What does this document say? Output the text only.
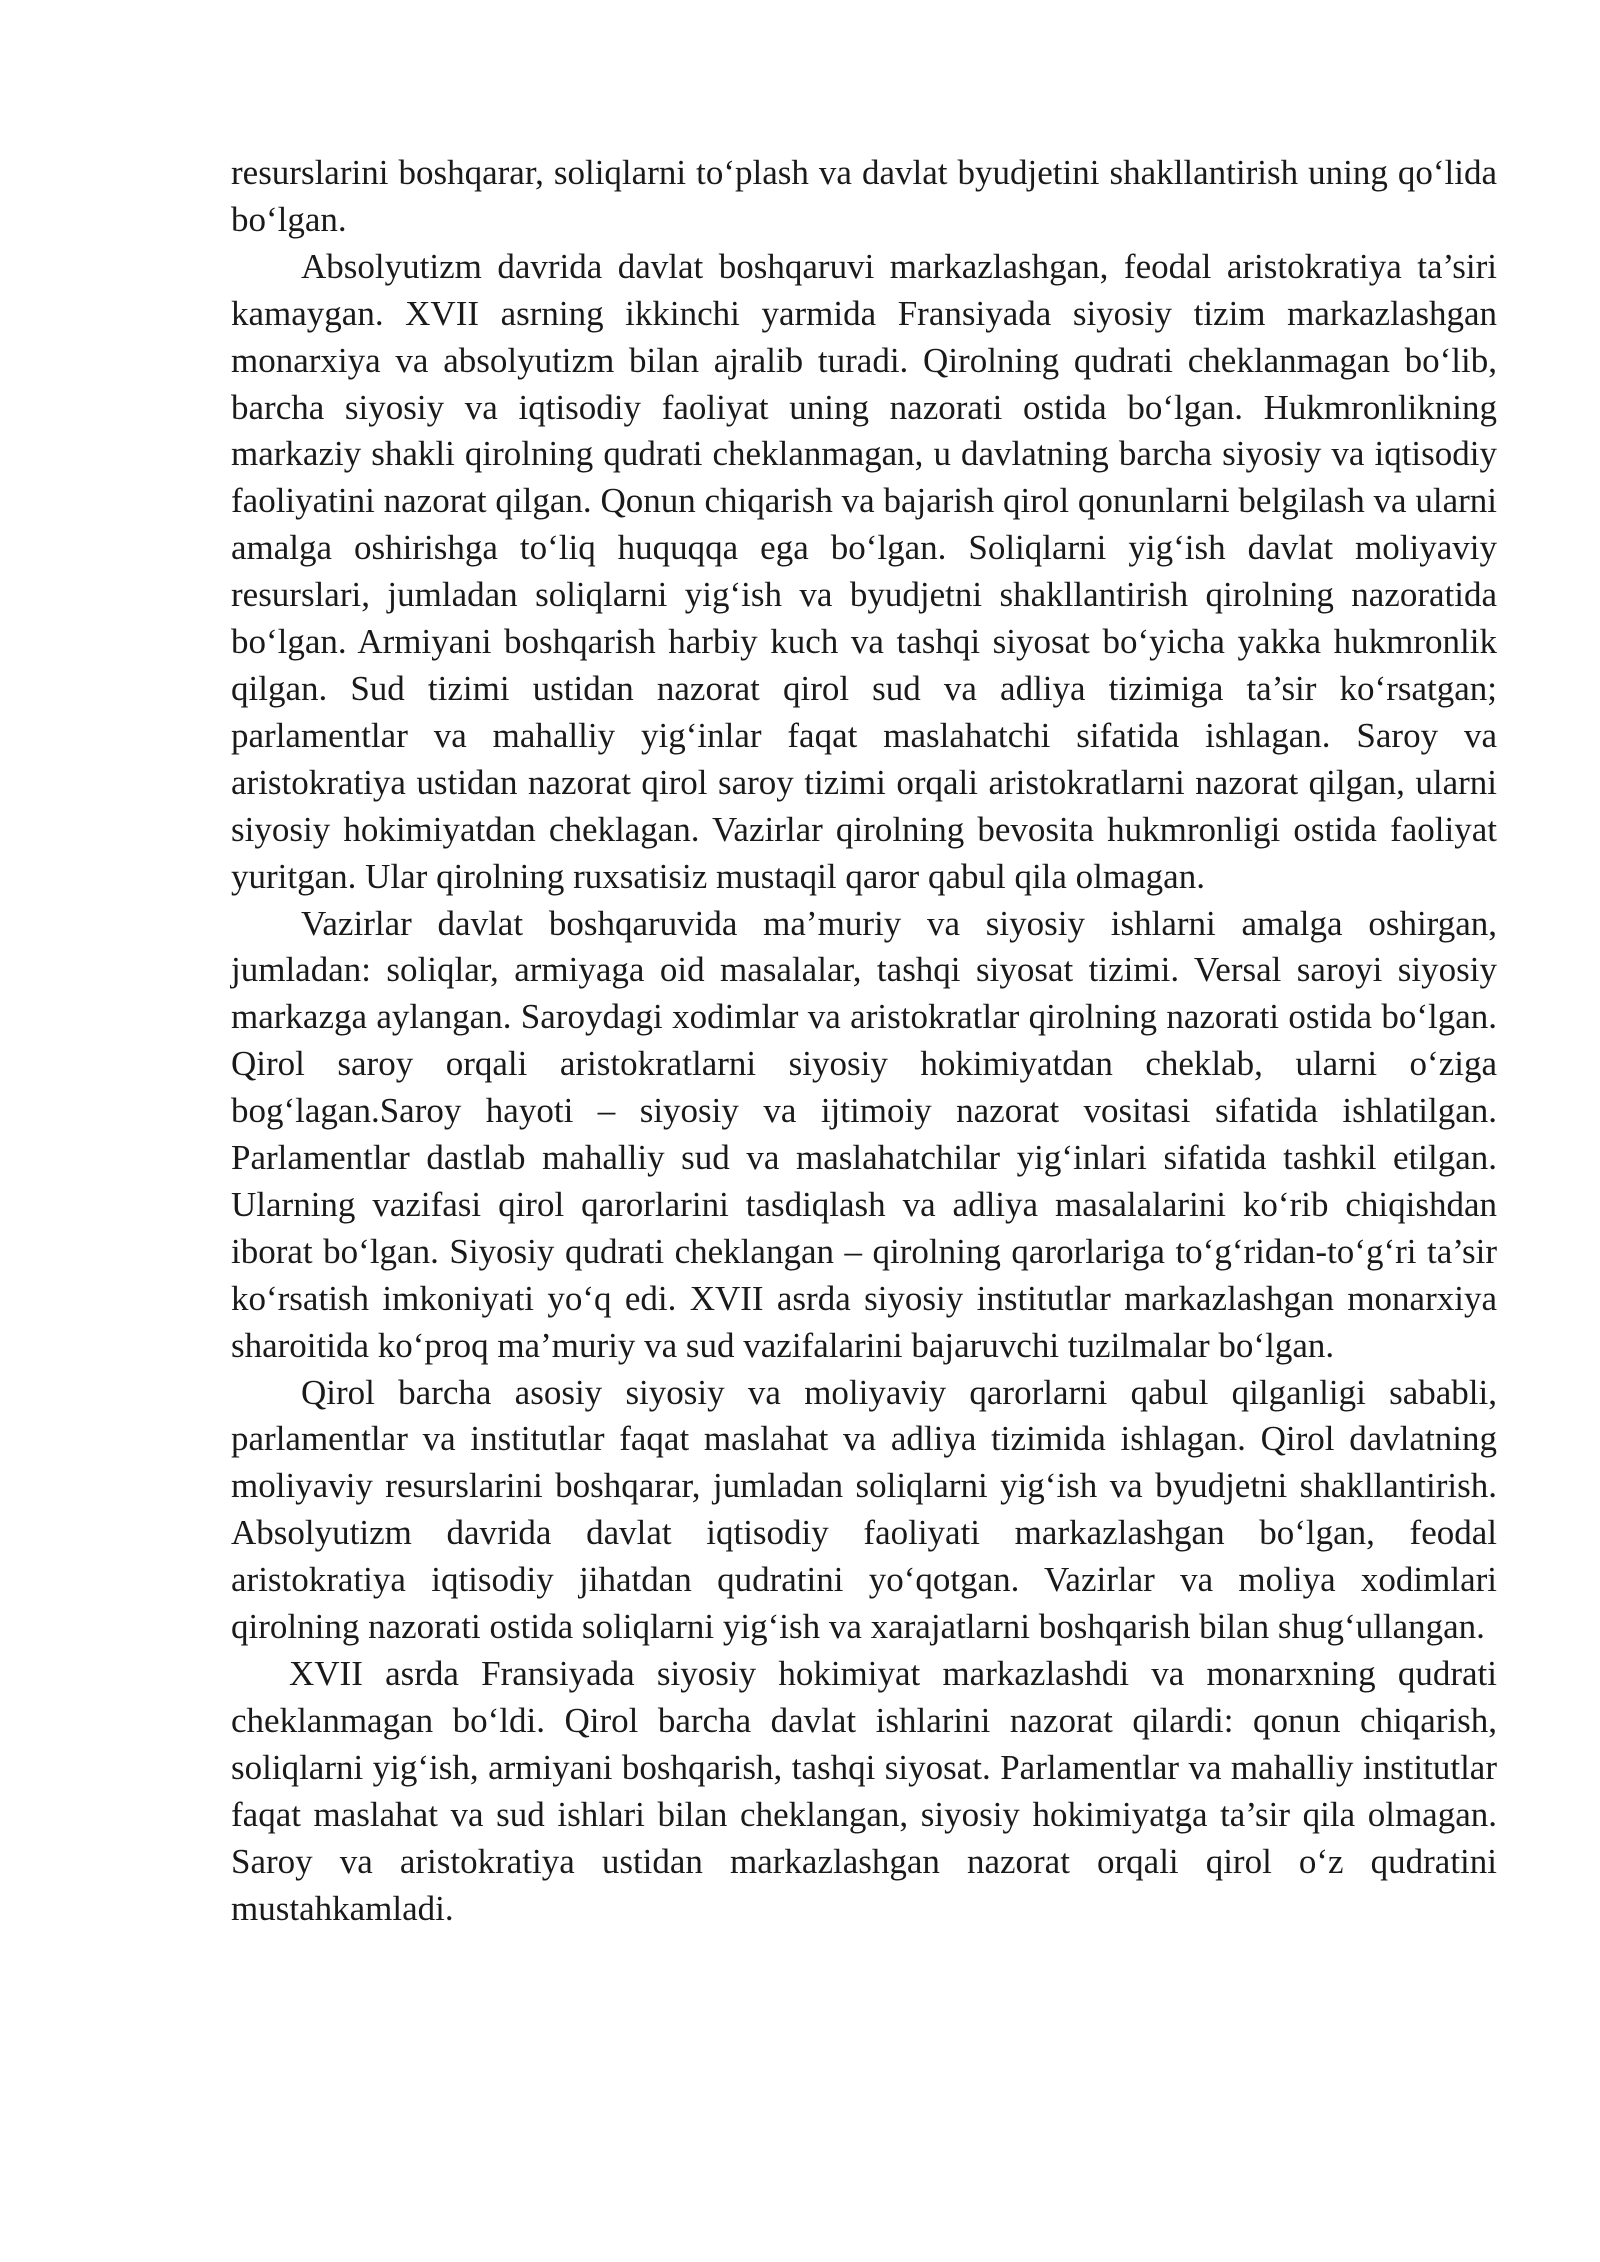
resurslarini boshqarar, soliqlarni to‘plash va davlat byudjetini shakllantirish uning qo‘lida bo‘lgan.

Absolyutizm davrida davlat boshqaruvi markazlashgan, feodal aristokratiya ta’siri kamaygan. XVII asrning ikkinchi yarmida Fransiyada siyosiy tizim markazlashgan monarxiya va absolyutizm bilan ajralib turadi. Qirolning qudrati cheklanmagan bo‘lib, barcha siyosiy va iqtisodiy faoliyat uning nazorati ostida bo‘lgan. Hukmronlikning markaziy shakli qirolning qudrati cheklanmagan, u davlatning barcha siyosiy va iqtisodiy faoliyatini nazorat qilgan. Qonun chiqarish va bajarish qirol qonunlarni belgilash va ularni amalga oshirishga to‘liq huquqqa ega bo‘lgan. Soliqlarni yig‘ish davlat moliyaviy resurslari, jumladan soliqlarni yig‘ish va byudjetni shakllantirish qirolning nazoratida bo‘lgan. Armiyani boshqarish harbiy kuch va tashqi siyosat bo‘yicha yakka hukmronlik qilgan. Sud tizimi ustidan nazorat qirol sud va adliya tizimiga ta’sir ko‘rsatgan; parlamentlar va mahalliy yig‘inlar faqat maslahatchi sifatida ishlagan. Saroy va aristokratiya ustidan nazorat qirol saroy tizimi orqali aristokratlarni nazorat qilgan, ularni siyosiy hokimiyatdan cheklagan. Vazirlar qirolning bevosita hukmronligi ostida faoliyat yuritgan. Ular qirolning ruxsatisiz mustaqil qaror qabul qila olmagan.

Vazirlar davlat boshqaruvida ma’muriy va siyosiy ishlarni amalga oshirgan, jumladan: soliqlar, armiyaga oid masalalar, tashqi siyosat tizimi. Versal saroyi siyosiy markazga aylangan. Saroydagi xodimlar va aristokratlar qirolning nazorati ostida bo‘lgan. Qirol saroy orqali aristokratlarni siyosiy hokimiyatdan cheklab, ularni o‘ziga bog‘lagan.Saroy hayoti – siyosiy va ijtimoiy nazorat vositasi sifatida ishlatilgan. Parlamentlar dastlab mahalliy sud va maslahatchilar yig‘inlari sifatida tashkil etilgan. Ularning vazifasi qirol qarorlarini tasdiqlash va adliya masalalarini ko‘rib chiqishdan iborat bo‘lgan. Siyosiy qudrati cheklangan – qirolning qarorlariga to‘g‘ridan-to‘g‘ri ta’sir ko‘rsatish imkoniyati yo‘q edi. XVII asrda siyosiy institutlar markazlashgan monarxiya sharoitida ko‘proq ma’muriy va sud vazifalarini bajaruvchi tuzilmalar bo‘lgan.

Qirol barcha asosiy siyosiy va moliyaviy qarorlarni qabul qilganligi sababli, parlamentlar va institutlar faqat maslahat va adliya tizimida ishlagan. Qirol davlatning moliyaviy resurslarini boshqarar, jumladan soliqlarni yig‘ish va byudjetni shakllantirish. Absolyutizm davrida davlat iqtisodiy faoliyati markazlashgan bo‘lgan, feodal aristokratiya iqtisodiy jihatdan qudratini yo‘qotgan. Vazirlar va moliya xodimlari qirolning nazorati ostida soliqlarni yig‘ish va xarajatlarni boshqarish bilan shug‘ullangan.

XVII asrda Fransiyada siyosiy hokimiyat markazlashdi va monarxning qudrati cheklanmagan bo‘ldi. Qirol barcha davlat ishlarini nazorat qilardi: qonun chiqarish, soliqlarni yig‘ish, armiyani boshqarish, tashqi siyosat. Parlamentlar va mahalliy institutlar faqat maslahat va sud ishlari bilan cheklangan, siyosiy hokimiyatga ta’sir qila olmagan. Saroy va aristokratiya ustidan markazlashgan nazorat orqali qirol o‘z qudratini mustahkamladi.
